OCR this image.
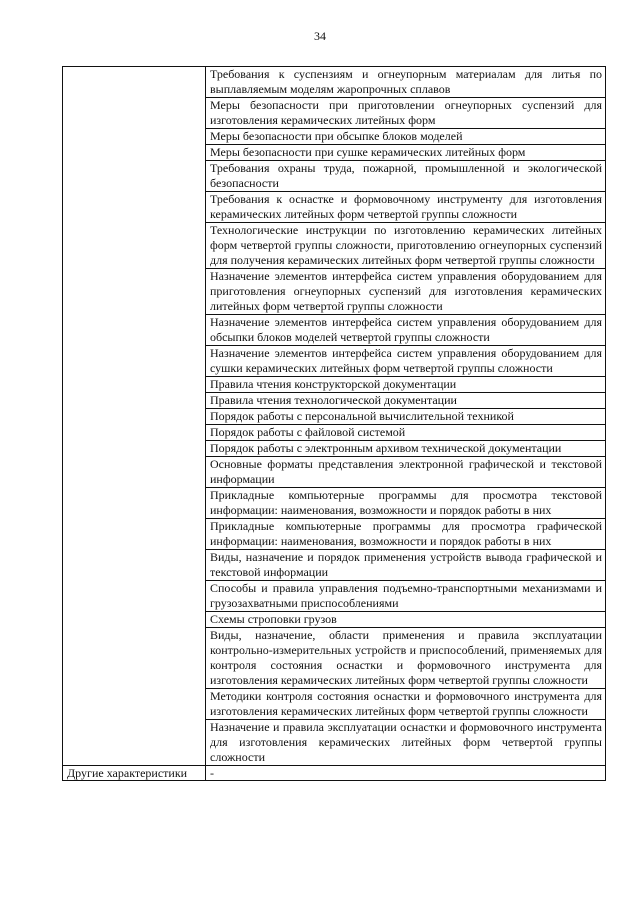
34
	Требования к суспензиям и огнеупорным материалам для литья по выплавляемым моделям жаропрочных сплавов
	Меры безопасности при приготовлении огнеупорных суспензий для изготовления керамических литейных форм
	Меры безопасности при обсыпке блоков моделей
	Меры безопасности при сушке керамических литейных форм
	Требования охраны труда, пожарной, промышленной и экологической безопасности
	Требования к оснастке и формовочному инструменту для изготовления керамических литейных форм четвертой группы сложности
	Технологические инструкции по изготовлению керамических литейных форм четвертой группы сложности, приготовлению огнеупорных суспензий для получения керамических литейных форм четвертой группы сложности
	Назначение элементов интерфейса систем управления оборудованием для приготовления огнеупорных суспензий для изготовления керамических литейных форм четвертой группы сложности
	Назначение элементов интерфейса систем управления оборудованием для обсыпки блоков моделей четвертой группы сложности
	Назначение элементов интерфейса систем управления оборудованием для сушки керамических литейных форм четвертой группы сложности
	Правила чтения конструкторской документации
	Правила чтения технологической документации
	Порядок работы с персональной вычислительной техникой
	Порядок работы с файловой системой
	Порядок работы с электронным архивом технической документации
	Основные форматы представления электронной графической и текстовой информации
	Прикладные компьютерные программы для просмотра текстовой информации: наименования, возможности и порядок работы в них
	Прикладные компьютерные программы для просмотра графической информации: наименования, возможности и порядок работы в них
	Виды, назначение и порядок применения устройств вывода графической и текстовой информации
	Способы и правила управления подъемно-транспортными механизмами и грузозахватными приспособлениями
	Схемы строповки грузов
	Виды, назначение, области применения и правила эксплуатации контрольно-измерительных устройств и приспособлений, применяемых для контроля состояния оснастки и формовочного инструмента для изготовления керамических литейных форм четвертой группы сложности
	Методики контроля состояния оснастки и формовочного инструмента для изготовления керамических литейных форм четвертой группы сложности
	Назначение и правила эксплуатации оснастки и формовочного инструмента для изготовления керамических литейных форм четвертой группы сложности
Другие характеристики	-
